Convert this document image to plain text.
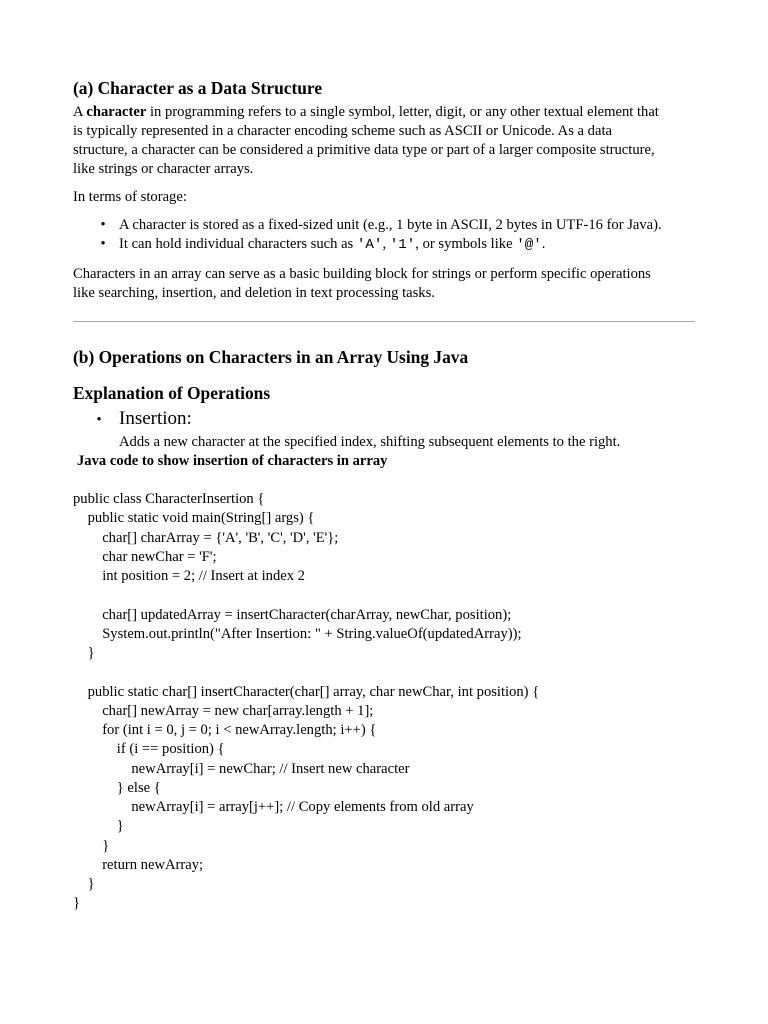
(a) Character as a Data Structure
A character in programming refers to a single symbol, letter, digit, or any other textual element that
is typically represented in a character encoding scheme such as ASCII or Unicode. As a data
structure, a character can be considered a primitive data type or part of a larger composite structure,
like strings or character arrays.
In terms of storage:
• A character is stored as a fixed-sized unit (e.g., 1 byte in ASCII, 2 bytes in UTF-16 for Java).
• It can hold individual characters such as 'A', '1', or symbols like '@'.
Characters in an array can serve as a basic building block for strings or perform specific operations
like searching, insertion, and deletion in text processing tasks.
(b) Operations on Characters in an Array Using Java
Explanation of Operations
• Insertion:
Adds a new character at the specified index, shifting subsequent elements to the right.
Java code to show insertion of characters in array
public class CharacterInsertion {
public static void main(String[] args) {
char[] charArray = {'A', 'B', 'C', 'D', 'E'};
char newChar = 'F';
int position = 2; // Insert at index 2
char[] updatedArray = insertCharacter(charArray, newChar, position);
System.out.println("After Insertion: " + String.valueOf(updatedArray));
}
public static char[] insertCharacter(char[] array, char newChar, int position) {
char[] newArray = new char[array.length + 1];
for (int i = 0, j = 0; i < newArray.length; i++) {
if (i == position) {
newArray[i] = newChar; // Insert new character
} else {
newArray[i] = array[j++]; // Copy elements from old array
}
}
return newArray;
}
}
